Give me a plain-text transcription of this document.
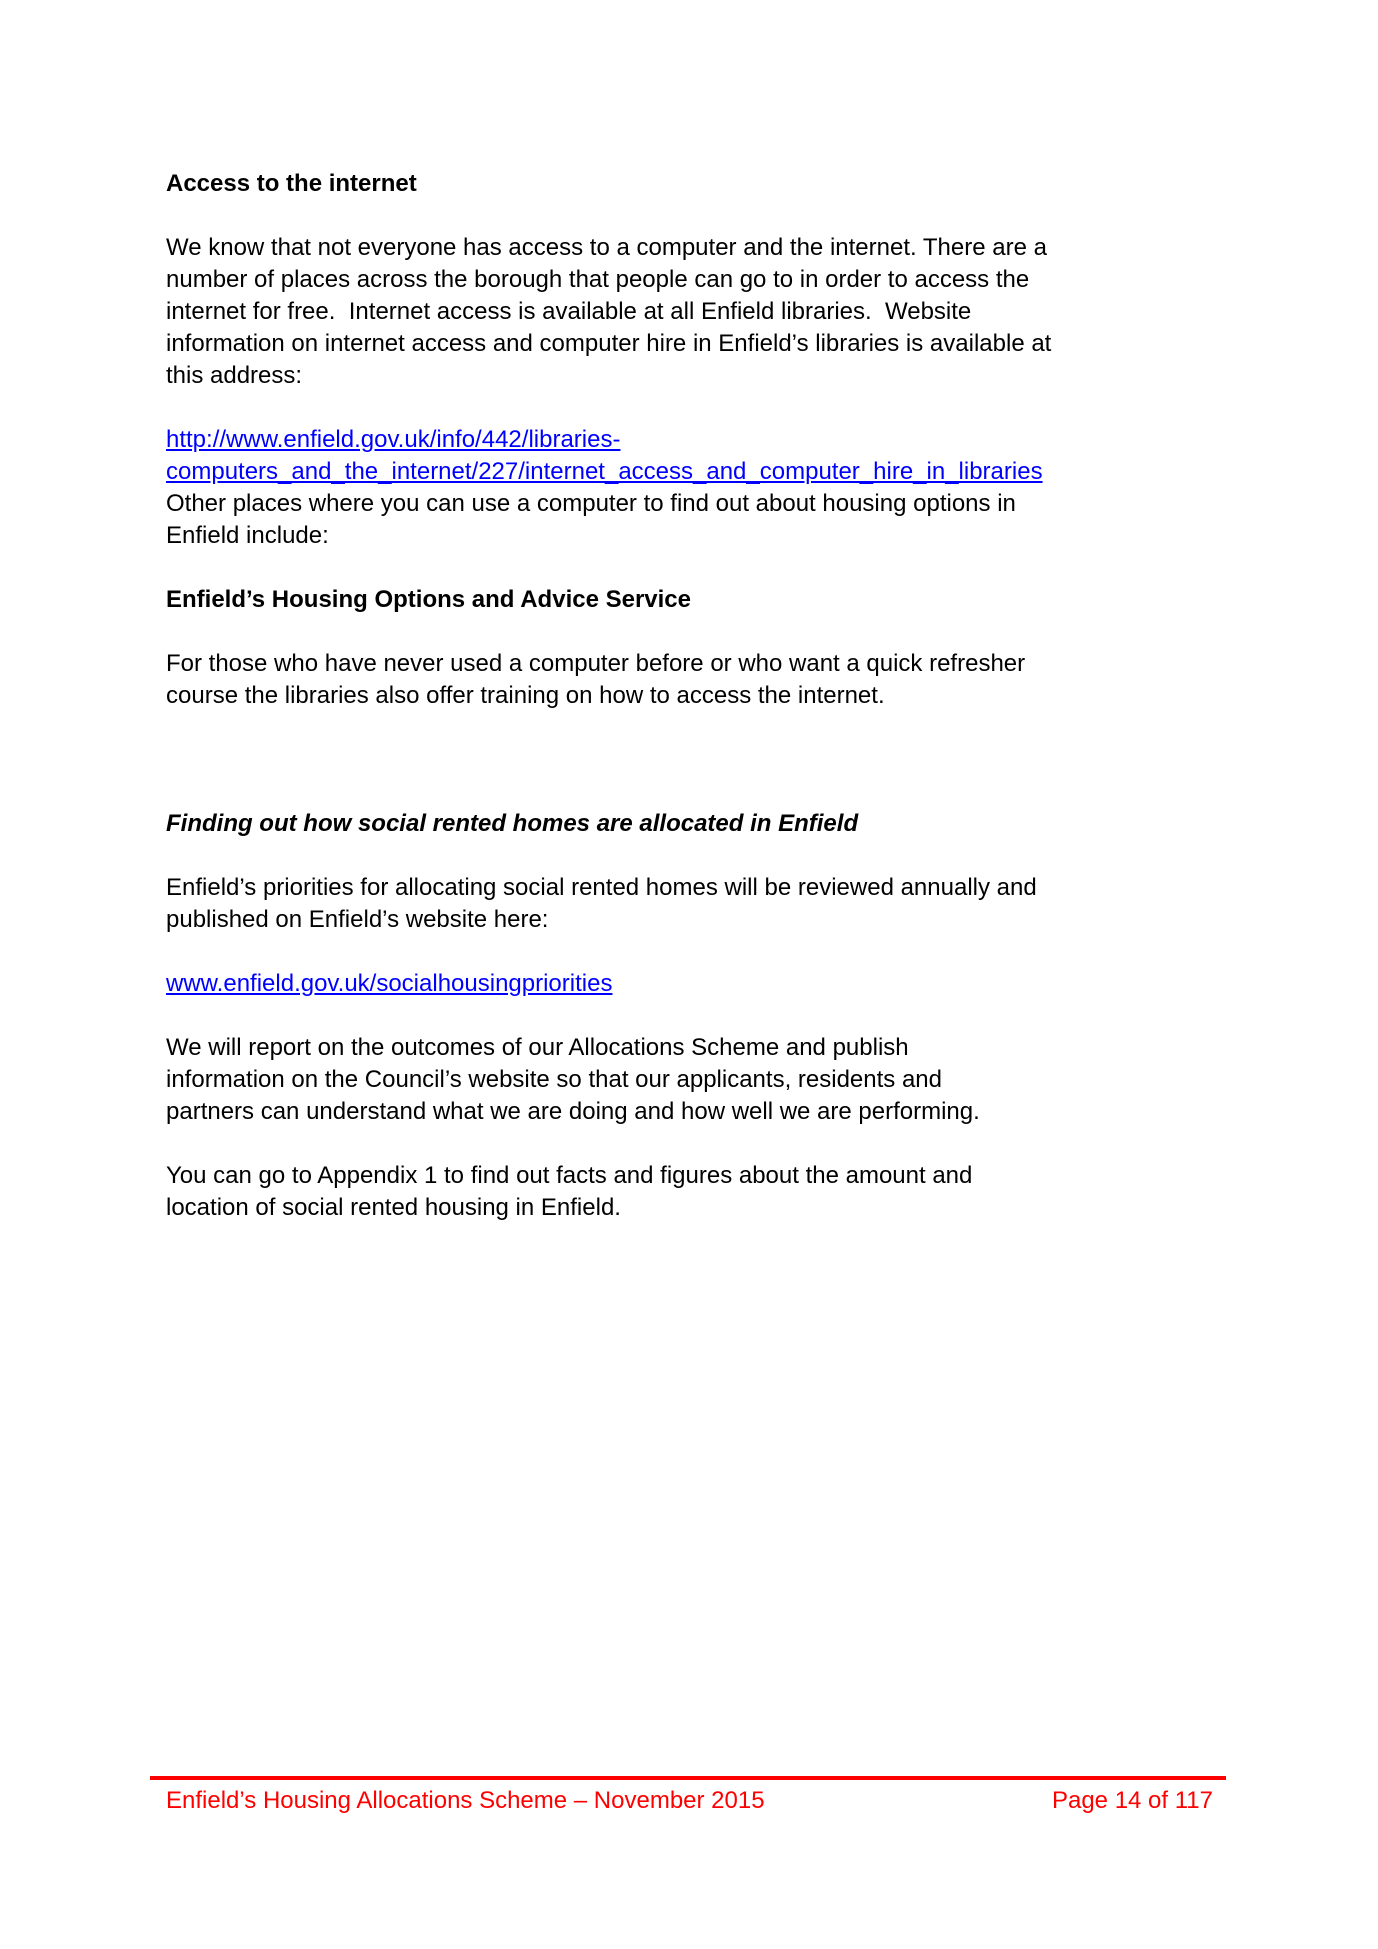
Access to the internet
We know that not everyone has access to a computer and the internet. There are a
number of places across the borough that people can go to in order to access the
internet for free.  Internet access is available at all Enfield libraries.  Website
information on internet access and computer hire in Enfield’s libraries is available at
this address:
http://www.enfield.gov.uk/info/442/libraries-
computers_and_the_internet/227/internet_access_and_computer_hire_in_libraries
Other places where you can use a computer to find out about housing options in
Enfield include:
Enfield’s Housing Options and Advice Service
For those who have never used a computer before or who want a quick refresher
course the libraries also offer training on how to access the internet.
Finding out how social rented homes are allocated in Enfield
Enfield’s priorities for allocating social rented homes will be reviewed annually and
published on Enfield’s website here:
www.enfield.gov.uk/socialhousingpriorities
We will report on the outcomes of our Allocations Scheme and publish
information on the Council’s website so that our applicants, residents and
partners can understand what we are doing and how well we are performing.
You can go to Appendix 1 to find out facts and figures about the amount and
location of social rented housing in Enfield.
Enfield’s Housing Allocations Scheme – November 2015	Page 14 of 117
